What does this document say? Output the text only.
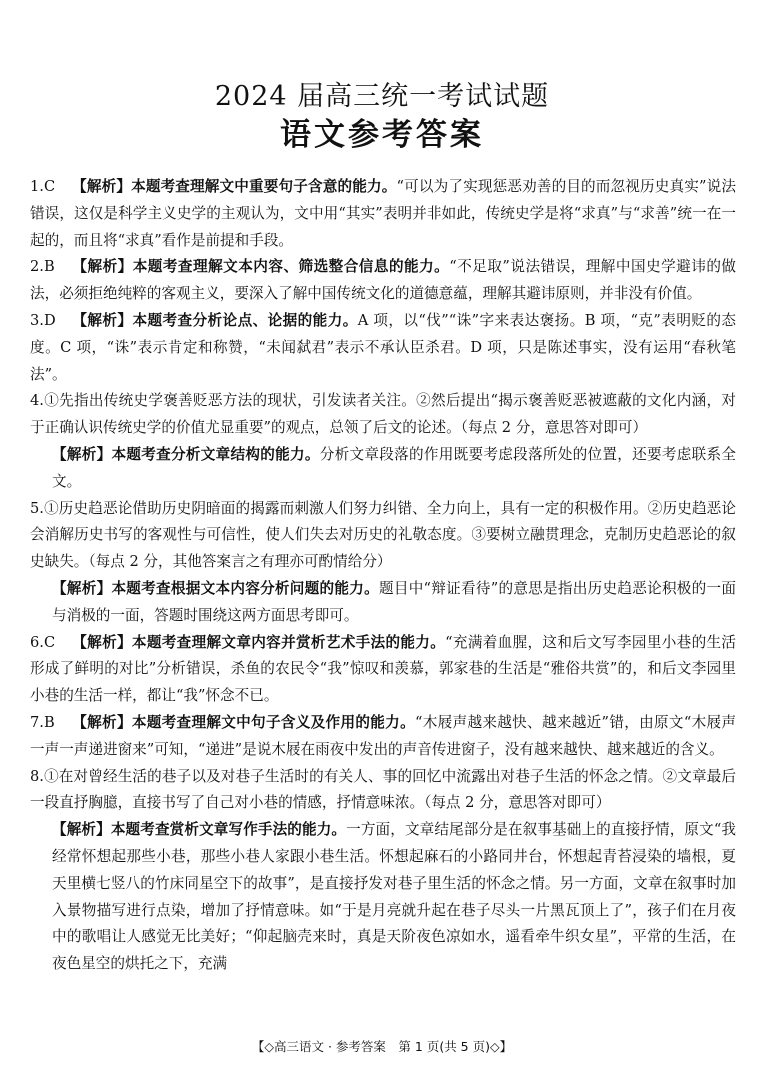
2024 届高三统一考试试题
语文参考答案
1.C 【解析】本题考查理解文中重要句子含意的能力。“可以为了实现惩恶劝善的目的而忽视历史真实”说法错误，这仅是科学主义史学的主观认为，文中用“其实”表明并非如此，传统史学是将“求真”与“求善”统一在一起的，而且将“求真”看作是前提和手段。
2.B 【解析】本题考查理解文本内容、筛选整合信息的能力。“不足取”说法错误，理解中国史学避讳的做法，必须拒绝纯粹的客观主义，要深入了解中国传统文化的道德意蕴，理解其避讳原则，并非没有价值。
3.D 【解析】本题考查分析论点、论据的能力。A 项，以“伐”“诛”字来表达褒扬。B 项，“克”表明贬的态度。C 项，“诛”表示肯定和称赞，“未闻弑君”表示不承认臣杀君。D 项，只是陈述事实，没有运用“春秋笔法”。
4.①先指出传统史学褒善贬恶方法的现状，引发读者关注。②然后提出“揭示褒善贬恶被遮蔽的文化内涵，对于正确认识传统史学的价值尤显重要”的观点，总领了后文的论述。（每点 2 分，意思答对即可）
【解析】本题考查分析文章结构的能力。分析文章段落的作用既要考虑段落所处的位置，还要考虑联系全文。
5.①历史趋恶论借助历史阴暗面的揭露而刺激人们努力纠错、全力向上，具有一定的积极作用。②历史趋恶论会消解历史书写的客观性与可信性，使人们失去对历史的礼敬态度。③要树立融贯理念，克制历史趋恶论的叙史缺失。（每点 2 分，其他答案言之有理亦可酌情给分）
【解析】本题考查根据文本内容分析问题的能力。题目中“辩证看待”的意思是指出历史趋恶论积极的一面与消极的一面，答题时围绕这两方面思考即可。
6.C 【解析】本题考查理解文章内容并赏析艺术手法的能力。“充满着血腥，这和后文写李园里小巷的生活形成了鲜明的对比”分析错误，杀鱼的农民令“我”惊叹和羡慕，郭家巷的生活是“雅俗共赏”的，和后文李园里小巷的生活一样，都让“我”怀念不已。
7.B 【解析】本题考查理解文中句子含义及作用的能力。“木屐声越来越快、越来越近”错，由原文“木屐声一声一声递进窗来”可知，“递进”是说木屐在雨夜中发出的声音传进窗子，没有越来越快、越来越近的含义。
8.①在对曾经生活的巷子以及对巷子生活时的有关人、事的回忆中流露出对巷子生活的怀念之情。②文章最后一段直抒胸臆，直接书写了自己对小巷的情感，抒情意味浓。（每点 2 分，意思答对即可）
【解析】本题考查赏析文章写作手法的能力。一方面，文章结尾部分是在叙事基础上的直接抒情，原文“我经常怀想起那些小巷，那些小巷人家跟小巷生活。怀想起麻石的小路同井台，怀想起青苔浸染的墙根，夏天里横七竖八的竹床同星空下的故事”，是直接抒发对巷子里生活的怀念之情。另一方面，文章在叙事时加入景物描写进行点染，增加了抒情意味。如“于是月亮就升起在巷子尽头一片黑瓦顶上了”，孩子们在月夜中的歌唱让人感觉无比美好；“仰起脑壳来时，真是天阶夜色凉如水，遥看牵牛织女星”，平常的生活，在夜色星空的烘托之下，充满
【◇高三语文 · 参考答案　第 1 页(共 5 页)◇】
